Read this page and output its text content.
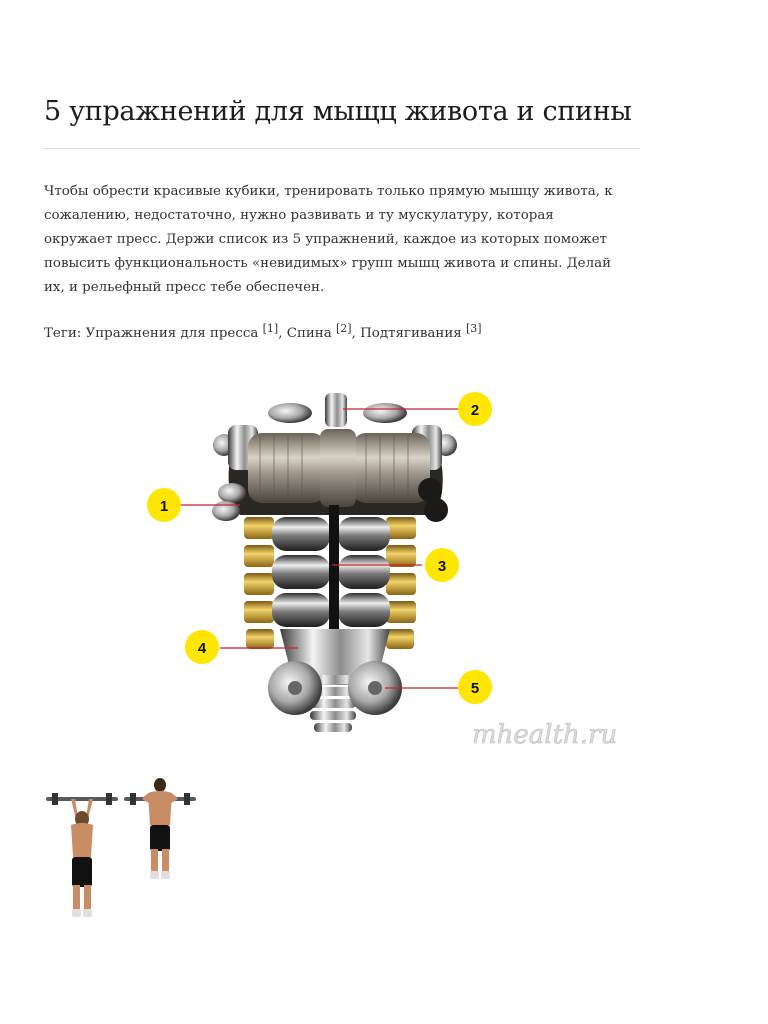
5 упражнений для мыщц живота и спины

Чтобы обрести красивые кубики, тренировать только прямую мышцу живота, к сожалению, недостаточно, нужно развивать и ту мускулатуру, которая окружает пресс. Держи список из 5 упражнений, каждое из которых поможет повысить функциональность «невидимых» групп мышц живота и спины. Делай их, и рельефный пресс тебе обеспечен.

Теги: Упражнения для пресса [1], Спина [2], Подтягивания [3]

2
1
3
4
5
mhealth.ru
